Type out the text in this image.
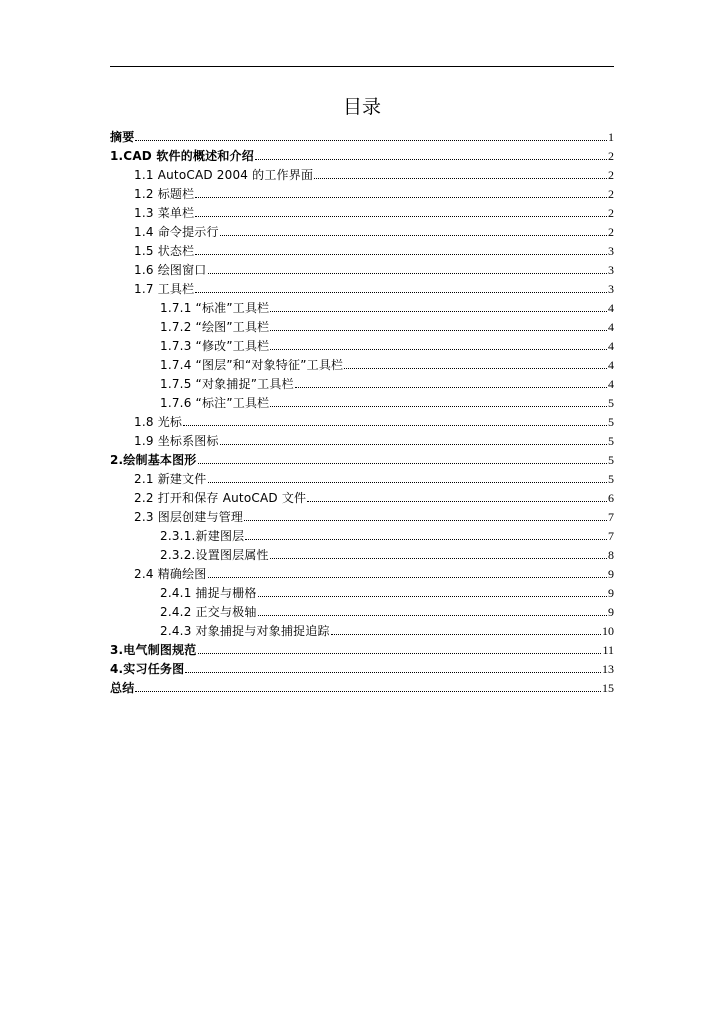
目录
摘要	1
1.CAD 软件的概述和介绍	2
1.1 AutoCAD 2004 的工作界面	2
1.2 标题栏	2
1.3 菜单栏	2
1.4 命令提示行	2
1.5 状态栏	3
1.6 绘图窗口	3
1.7 工具栏	3
1.7.1 “标准”工具栏	4
1.7.2 “绘图”工具栏	4
1.7.3 “修改”工具栏	4
1.7.4 “图层”和“对象特征”工具栏	4
1.7.5 “对象捕捉”工具栏	4
1.7.6 “标注”工具栏	5
1.8 光标	5
1.9 坐标系图标	5
2.绘制基本图形	5
2.1 新建文件	5
2.2 打开和保存 AutoCAD 文件	6
2.3 图层创建与管理	7
2.3.1.新建图层	7
2.3.2.设置图层属性	8
2.4 精确绘图	9
2.4.1 捕捉与栅格	9
2.4.2 正交与极轴	9
2.4.3 对象捕捉与对象捕捉追踪	10
3.电气制图规范	11
4.实习任务图	13
总结	15
